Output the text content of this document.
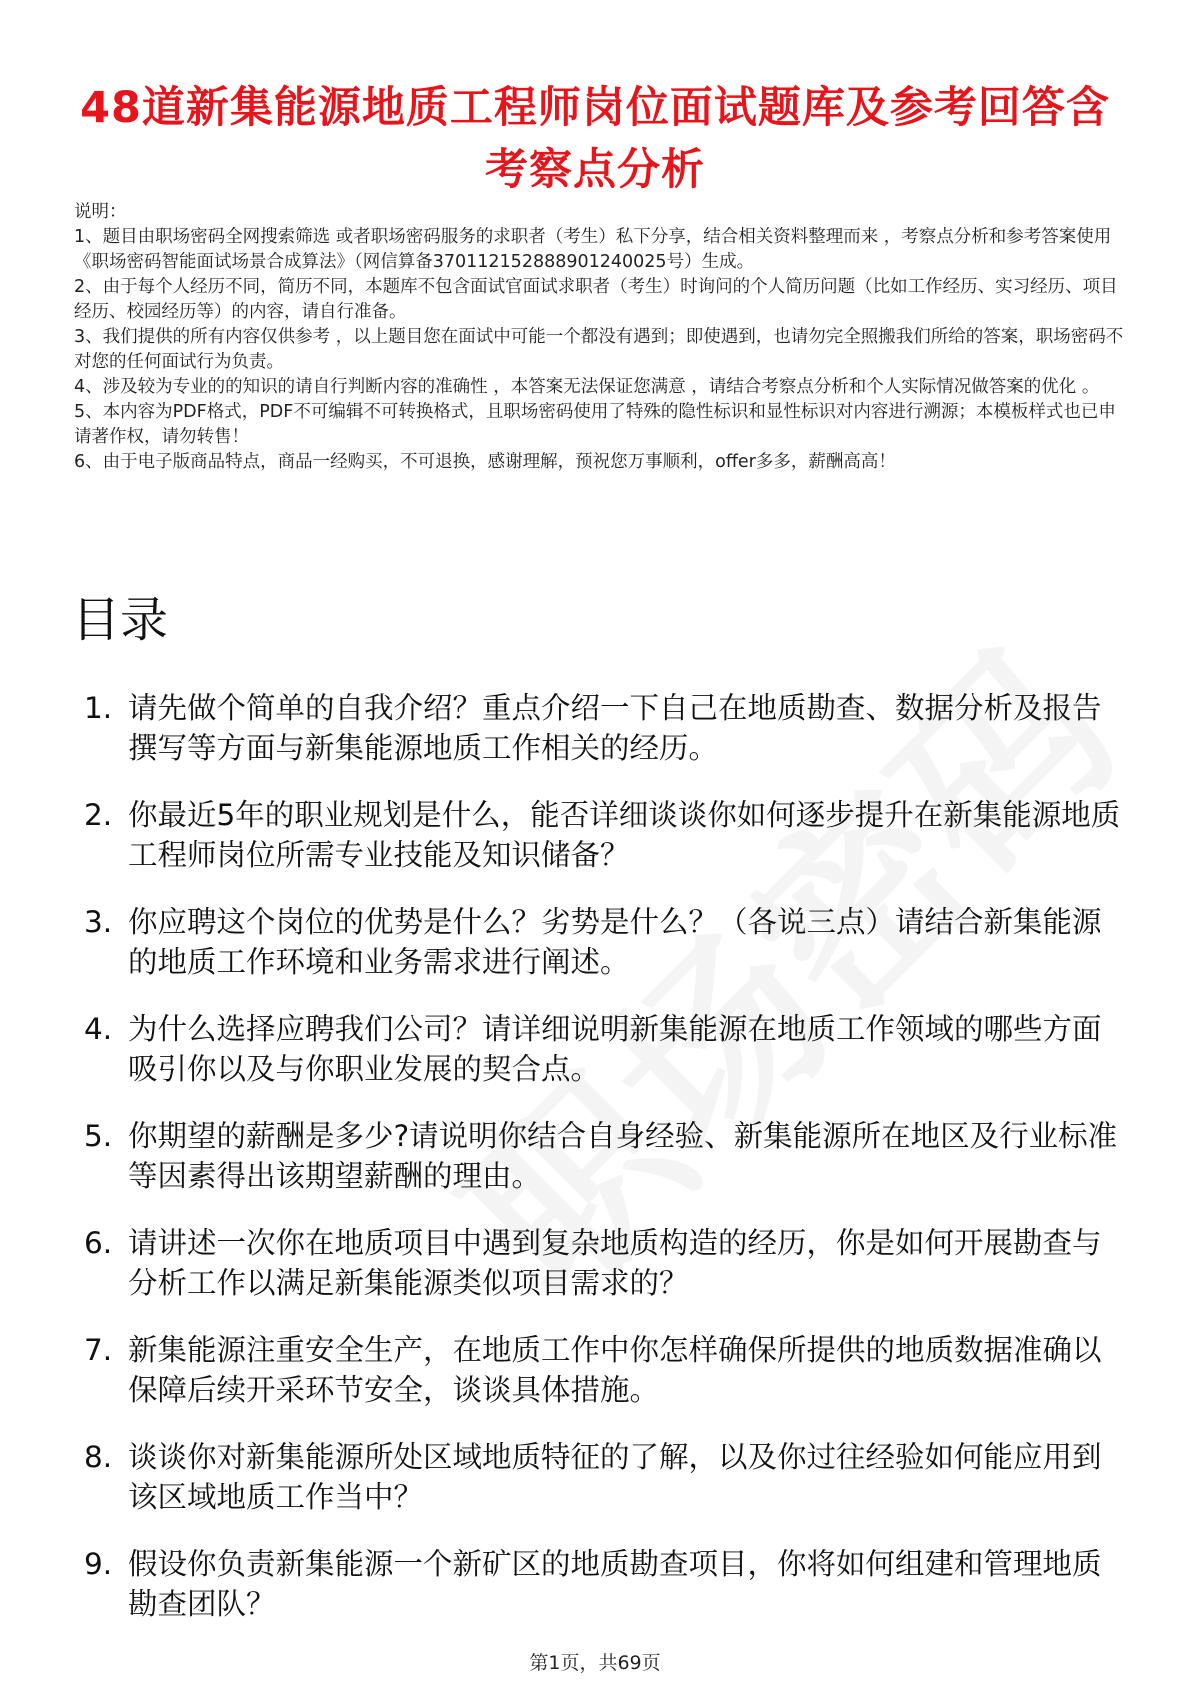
48道新集能源地质工程师岗位面试题库及参考回答含考察点分析

说明：

1、题目由职场密码全网搜索筛选 或者职场密码服务的求职者（考生）私下分享，结合相关资料整理而来 ，考察点分析和参考答案使用《职场密码智能面试场景合成算法》（网信算备370112152888901240025号）生成。

2、由于每个人经历不同，简历不同，本题库不包含面试官面试求职者（考生）时询问的个人简历问题（比如工作经历、实习经历、项目经历、校园经历等）的内容，请自行准备。

3、我们提供的所有内容仅供参考 ，以上题目您在面试中可能一个都没有遇到；即使遇到，也请勿完全照搬我们所给的答案，职场密码不对您的任何面试行为负责。

4、涉及较为专业的的知识的请自行判断内容的准确性 ，本答案无法保证您满意 ，请结合考察点分析和个人实际情况做答案的优化 。

5、本内容为PDF格式，PDF不可编辑不可转换格式，且职场密码使用了特殊的隐性标识和显性标识对内容进行溯源；本模板样式也已申请著作权，请勿转售！

6、由于电子版商品特点，商品一经购买，不可退换，感谢理解，预祝您万事顺利，offer多多，薪酬高高！

目录
1. 请先做个简单的自我介绍？重点介绍一下自己在地质勘查、数据分析及报告撰写等方面与新集能源地质工作相关的经历。
2. 你最近5年的职业规划是什么，能否详细谈谈你如何逐步提升在新集能源地质工程师岗位所需专业技能及知识储备？
3. 你应聘这个岗位的优势是什么？劣势是什么？（各说三点）请结合新集能源的地质工作环境和业务需求进行阐述。
4. 为什么选择应聘我们公司？请详细说明新集能源在地质工作领域的哪些方面吸引你以及与你职业发展的契合点。
5. 你期望的薪酬是多少?请说明你结合自身经验、新集能源所在地区及行业标准等因素得出该期望薪酬的理由。
6. 请讲述一次你在地质项目中遇到复杂地质构造的经历，你是如何开展勘查与分析工作以满足新集能源类似项目需求的？
7. 新集能源注重安全生产，在地质工作中你怎样确保所提供的地质数据准确以保障后续开采环节安全，谈谈具体措施。
8. 谈谈你对新集能源所处区域地质特征的了解，以及你过往经验如何能应用到该区域地质工作当中？
9. 假设你负责新集能源一个新矿区的地质勘查项目，你将如何组建和管理地质勘查团队？
第1页，共69页
